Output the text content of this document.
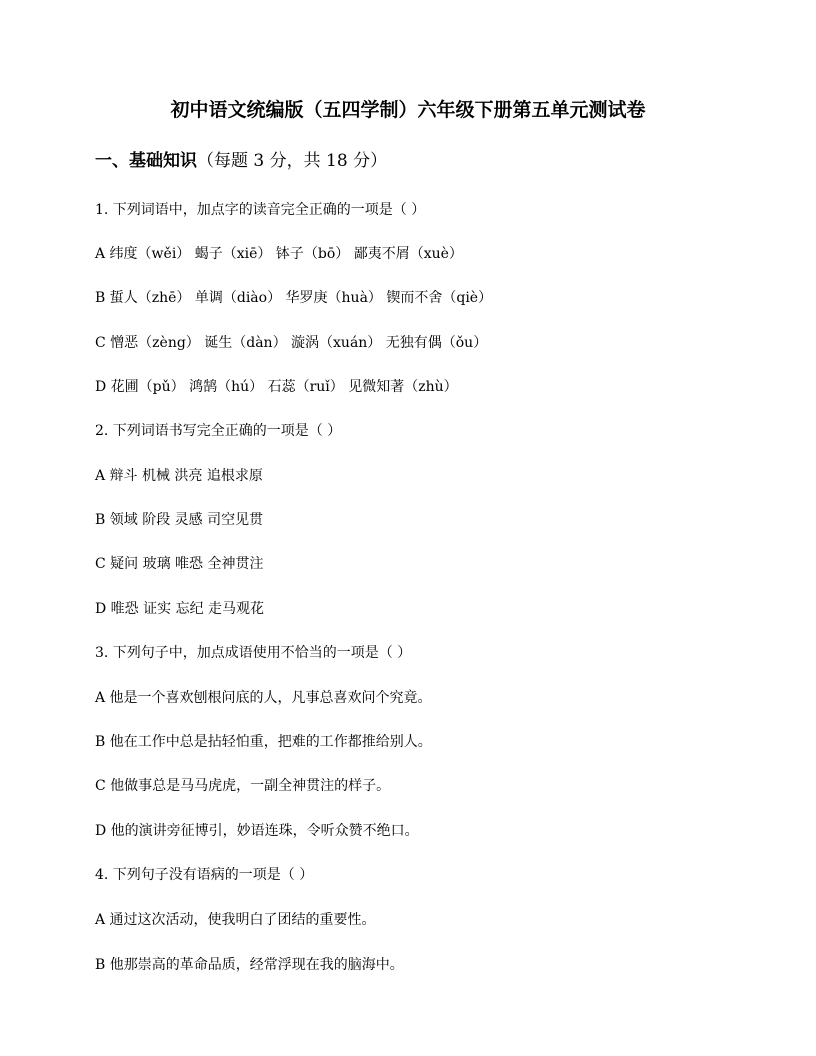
初中语文统编版（五四学制）六年级下册第五单元测试卷
一、基础知识（每题 3 分，共 18 分）
1. 下列词语中，加点字的读音完全正确的一项是（ ）
A 纬度（wěi） 蝎子（xiē） 钵子（bō） 鄙夷不屑（xuè）
B 蜇人（zhē） 单调（diào） 华罗庚（huà） 锲而不舍（qiè）
C 憎恶（zèng） 诞生（dàn） 漩涡（xuán） 无独有偶（ǒu）
D 花圃（pǔ） 鸿鹄（hú） 石蕊（ruǐ） 见微知著（zhù）
2. 下列词语书写完全正确的一项是（ ）
A 辩斗 机械 洪亮 追根求原
B 领域 阶段 灵感 司空见贯
C 疑问 玻璃 唯恐 全神贯注
D 唯恐 证实 忘纪 走马观花
3. 下列句子中，加点成语使用不恰当的一项是（ ）
A 他是一个喜欢刨根问底的人，凡事总喜欢问个究竟。
B 他在工作中总是拈轻怕重，把难的工作都推给别人。
C 他做事总是马马虎虎，一副全神贯注的样子。
D 他的演讲旁征博引，妙语连珠，令听众赞不绝口。
4. 下列句子没有语病的一项是（ ）
A 通过这次活动，使我明白了团结的重要性。
B 他那崇高的革命品质，经常浮现在我的脑海中。
